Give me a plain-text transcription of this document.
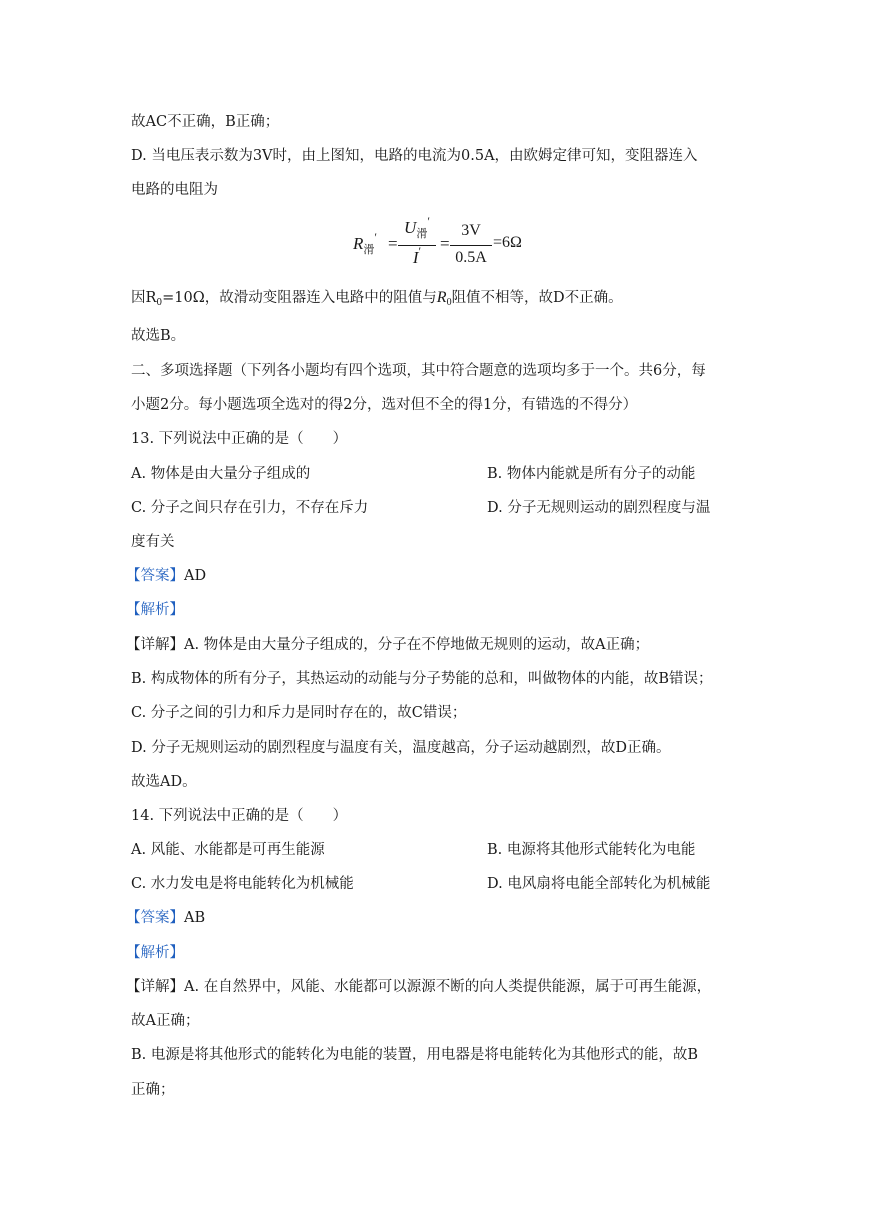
故AC不正确，B正确；
D. 当电压表示数为3V时，由上图知，电路的电流为0.5A，由欧姆定律可知，变阻器连入
电路的电阻为
$R_滑'$ =
$U_滑'$
I′	=
3V
0.5A
=6Ω
因$R_0=10\Omega$，故滑动变阻器连入电路中的阻值与R0阻值不相等，故D不正确。
故选B。
二、多项选择题（下列各小题均有四个选项，其中符合题意的选项均多于一个。共6分，每
小题2分。每小题选项全选对的得2分，选对但不全的得1分，有错选的不得分）
13. 下列说法中正确的是（　　）
A. 物体是由大量分子组成的	B. 物体内能就是所有分子的动能
C. 分子之间只存在引力，不存在斥力	D. 分子无规则运动的剧烈程度与温
度有关
【答案】AD
【解析】
【详解】A. 物体是由大量分子组成的，分子在不停地做无规则的运动，故A正确；
B. 构成物体的所有分子，其热运动的动能与分子势能的总和，叫做物体的内能，故B错误；
C. 分子之间的引力和斥力是同时存在的，故C错误；
D. 分子无规则运动的剧烈程度与温度有关，温度越高，分子运动越剧烈，故D正确。
故选AD。
14. 下列说法中正确的是（　　）
A. 风能、水能都是可再生能源	B. 电源将其他形式能转化为电能
C. 水力发电是将电能转化为机械能	D. 电风扇将电能全部转化为机械能
【答案】AB
【解析】
【详解】A. 在自然界中，风能、水能都可以源源不断的向人类提供能源，属于可再生能源，
故A正确；
B. 电源是将其他形式的能转化为电能的装置，用电器是将电能转化为其他形式的能，故B
正确；
